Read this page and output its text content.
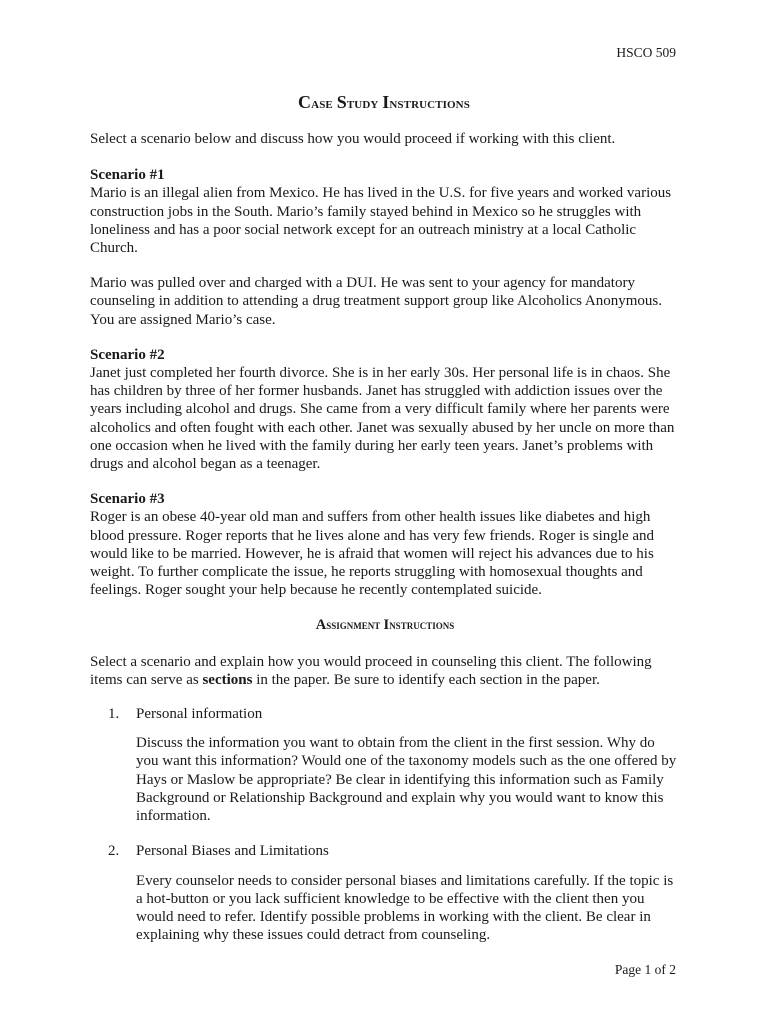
HSCO 509
Case Study Instructions

Select a scenario below and discuss how you would proceed if working with this client.

Scenario #1

Mario is an illegal alien from Mexico. He has lived in the U.S. for five years and worked various construction jobs in the South. Mario’s family stayed behind in Mexico so he struggles with loneliness and has a poor social network except for an outreach ministry at a local Catholic Church.

Mario was pulled over and charged with a DUI. He was sent to your agency for mandatory counseling in addition to attending a drug treatment support group like Alcoholics Anonymous. You are assigned Mario’s case.

Scenario #2

Janet just completed her fourth divorce. She is in her early 30s. Her personal life is in chaos. She has children by three of her former husbands. Janet has struggled with addiction issues over the years including alcohol and drugs. She came from a very difficult family where her parents were alcoholics and often fought with each other. Janet was sexually abused by her uncle on more than one occasion when he lived with the family during her early teen years. Janet’s problems with drugs and alcohol began as a teenager.

Scenario #3

Roger is an obese 40-year old man and suffers from other health issues like diabetes and high blood pressure. Roger reports that he lives alone and has very few friends. Roger is single and would like to be married. However, he is afraid that women will reject his advances due to his weight. To further complicate the issue, he reports struggling with homosexual thoughts and feelings. Roger sought your help because he recently contemplated suicide.

Assignment Instructions

Select a scenario and explain how you would proceed in counseling this client. The following items can serve as sections in the paper. Be sure to identify each section in the paper.

1. Personal information

Discuss the information you want to obtain from the client in the first session. Why do you want this information? Would one of the taxonomy models such as the one offered by Hays or Maslow be appropriate? Be clear in identifying this information such as Family Background or Relationship Background and explain why you would want to know this information.

2. Personal Biases and Limitations

Every counselor needs to consider personal biases and limitations carefully. If the topic is a hot-button or you lack sufficient knowledge to be effective with the client then you would need to refer. Identify possible problems in working with the client. Be clear in explaining why these issues could detract from counseling.

Page 1 of 2
